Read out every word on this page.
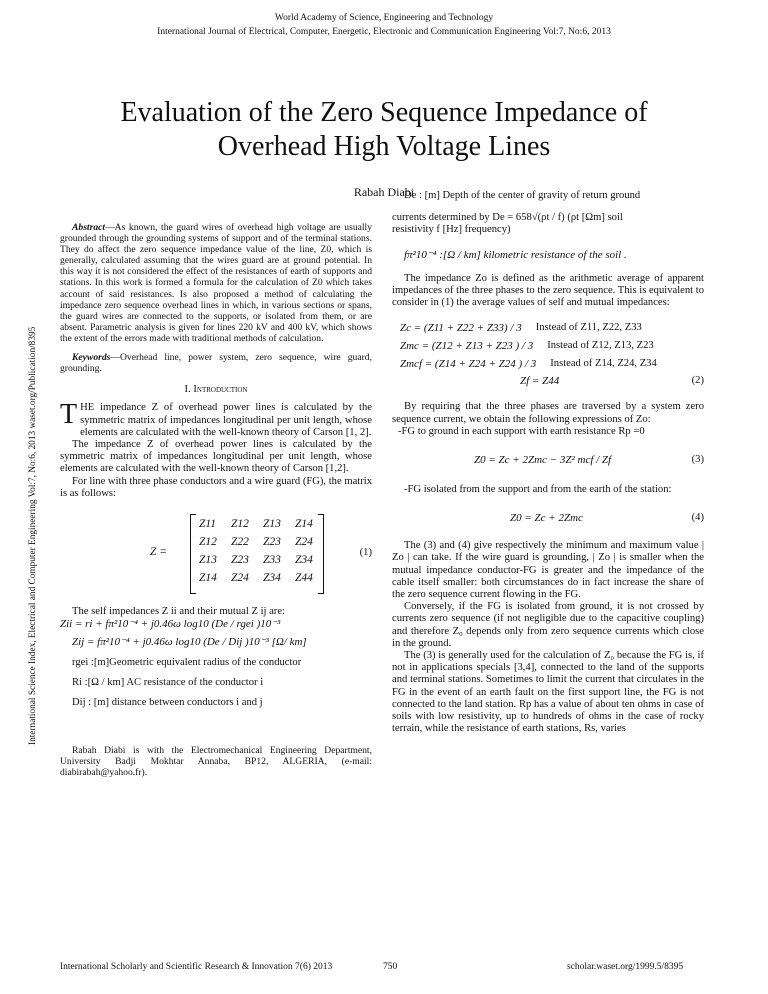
World Academy of Science, Engineering and Technology
International Journal of Electrical, Computer, Energetic, Electronic and Communication Engineering Vol:7, No:6, 2013
Evaluation of the Zero Sequence Impedance of
Overhead High Voltage Lines
Rabah Diabi
International Science Index, Electrical and Computer Engineering Vol:7, No:6, 2013 waset.org/Publication/8395

Abstract—As known, the guard wires of overhead high voltage are usually grounded through the grounding systems of support and of the terminal stations. They do affect the zero sequence impedance value of the line, Z0, which is generally, calculated assuming that the wires guard are at ground potential. In this way it is not considered the effect of the resistances of earth of supports and stations. In this work is formed a formula for the calculation of Z0 which takes account of said resistances. Is also proposed a method of calculating the impedance zero sequence overhead lines in which, in various sections or spans, the guard wires are connected to the supports, or isolated from them, or are absent. Parametric analysis is given for lines 220 kV and 400 kV, which shows the extent of the errors made with traditional methods of calculation.

Keywords—Overhead line, power system, zero sequence, wire guard, grounding.

I. Introduction

THE impedance Z of overhead power lines is calculated by the symmetric matrix of impedances longitudinal per unit length, whose elements are calculated with the well-known theory of Carson [1, 2].

The impedance Z of overhead power lines is calculated by the symmetric matrix of impedances longitudinal per unit length, whose elements are calculated with the well-known theory of Carson [1,2].

For line with three phase conductors and a wire guard (FG), the matrix is as follows:

Z =
Z11 Z12 Z13 Z14
Z12 Z22 Z23 Z24
Z13 Z23 Z33 Z34
Z14 Z24 Z34 Z44
(1)

The self impedances Z ii and their mutual Z ij are:

Zii = ri + fπ²10⁻⁴ + j0.46ω log10 (De / rgei )10⁻³

Zij = fπ²10⁻⁴ + j0.46ω log10 (De / Dij )10⁻³ [Ω/ km]

rgei :[m]Geometric equivalent radius of the conductor

Ri :[Ω / km] AC resistance of the conductor i

Dij : [m] distance between conductors i and j

Rabah Diabi is with the Electromechanical Engineering Department, University Badji Mokhtar Annaba, BP12, ALGERIA, (e-mail: diabirabah@yahoo.fr).

De : [m] Depth of the center of gravity of return ground

currents determined by De = 658√(ρt / f) (ρt [Ωm] soil

resistivity f [Hz] frequency)

fπ²10⁻⁴ :[Ω / km] kilometric resistance of the soil .

The impedance Zo is defined as the arithmetic average of apparent impedances of the three phases to the zero sequence. This is equivalent to consider in (1) the average values of self and mutual impedances:

Zc = (Z11 + Z22 + Z33) / 3 Instead of Z11, Z22, Z33
Zmc = (Z12 + Z13 + Z23 ) / 3 Instead of Z12, Z13, Z23
Zmcf = (Z14 + Z24 + Z24 ) / 3 Instead of Z14, Z24, Z34
Zf = Z44	(2)

By requiring that the three phases are traversed by a system zero sequence current, we obtain the following expressions of Zo:

-FG to ground in each support with earth resistance Rp =0

Z0 = Zc + 2Zmc − 3Z² mcf / Zf	(3)

-FG isolated from the support and from the earth of the station:

Z0 = Zc + 2Zmc	(4)

The (3) and (4) give respectively the minimum and maximum value | Zo | can take. If the wire guard is grounding, | Zo | is smaller when the mutual impedance conductor-FG is greater and the impedance of the cable itself smaller: both circumstances do in fact increase the share of the zero sequence current flowing in the FG.

Conversely, if the FG is isolated from ground, it is not crossed by currents zero sequence (if not negligible due to the capacitive coupling) and therefore Z₀ depends only from zero sequence currents which close in the ground.

The (3) is generally used for the calculation of Z₀ because the FG is, if not in applications specials [3,4], connected to the land of the supports and terminal stations. Sometimes to limit the current that circulates in the FG in the event of an earth fault on the first support line, the FG is not connected to the land station. Rp has a value of about ten ohms in case of soils with low resistivity, up to hundreds of ohms in the case of rocky terrain, while the resistance of earth stations, Rs, varies

International Scholarly and Scientific Research & Innovation 7(6) 2013	750	scholar.waset.org/1999.5/8395
